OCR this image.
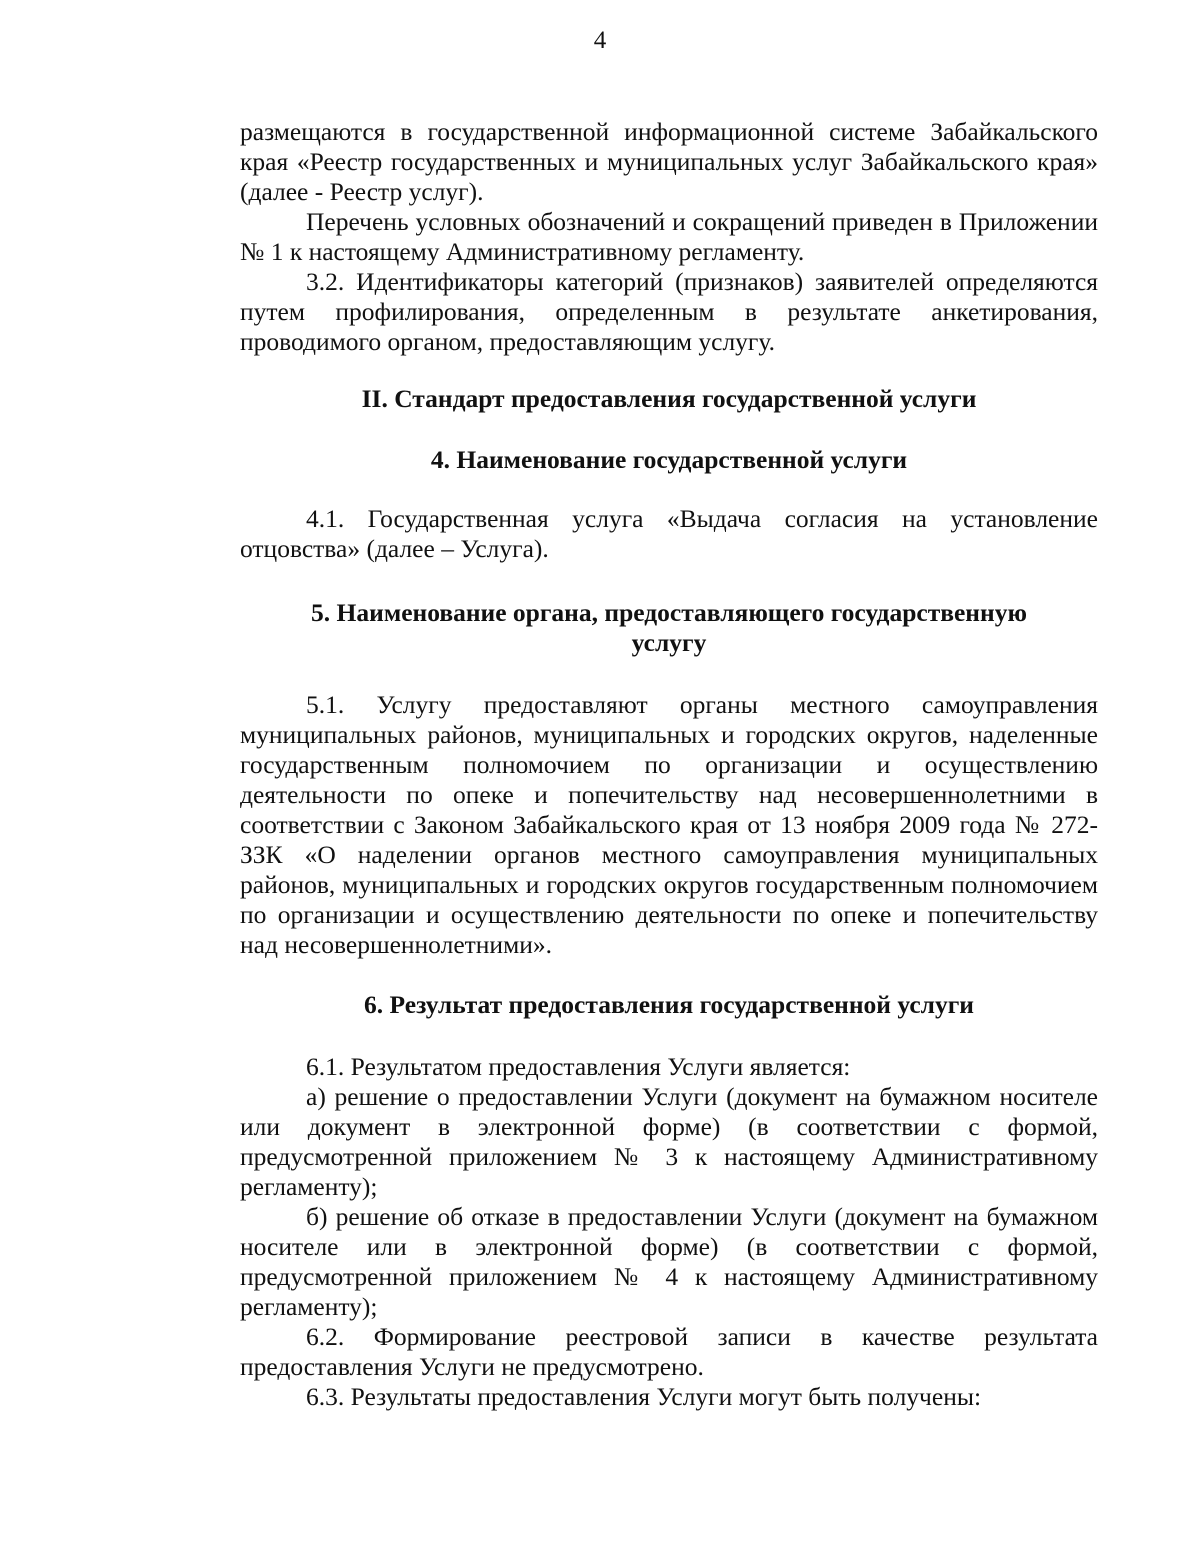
4

размещаются в государственной информационной системе Забайкальского края «Реестр государственных и муниципальных услуг Забайкальского края» (далее - Реестр услуг).

Перечень условных обозначений и сокращений приведен в Приложении № 1 к настоящему Административному регламенту.

3.2. Идентификаторы категорий (признаков) заявителей определяются путем профилирования, определенным в результате анкетирования, проводимого органом, предоставляющим услугу.

II. Стандарт предоставления государственной услуги
4. Наименование государственной услуги

4.1. Государственная услуга «Выдача согласия на установление отцовства» (далее – Услуга).

5. Наименование органа, предоставляющего государственную
услугу

5.1. Услугу предоставляют органы местного самоуправления муниципальных районов, муниципальных и городских округов, наделенные государственным полномочием по организации и осуществлению деятельности по опеке и попечительству над несовершеннолетними в соответствии с Законом Забайкальского края от 13 ноября 2009 года № 272-ЗЗК «О наделении органов местного самоуправления муниципальных районов, муниципальных и городских округов государственным полномочием по организации и осуществлению деятельности по опеке и попечительству над несовершеннолетними».

6. Результат предоставления государственной услуги

6.1. Результатом предоставления Услуги является:

а) решение о предоставлении Услуги (документ на бумажном носителе или документ в электронной форме) (в соответствии с формой, предусмотренной приложением № 3 к настоящему Административному регламенту);

б) решение об отказе в предоставлении Услуги (документ на бумажном носителе или в электронной форме) (в соответствии с формой, предусмотренной приложением № 4 к настоящему Административному регламенту);

6.2. Формирование реестровой записи в качестве результата предоставления Услуги не предусмотрено.

6.3. Результаты предоставления Услуги могут быть получены:
